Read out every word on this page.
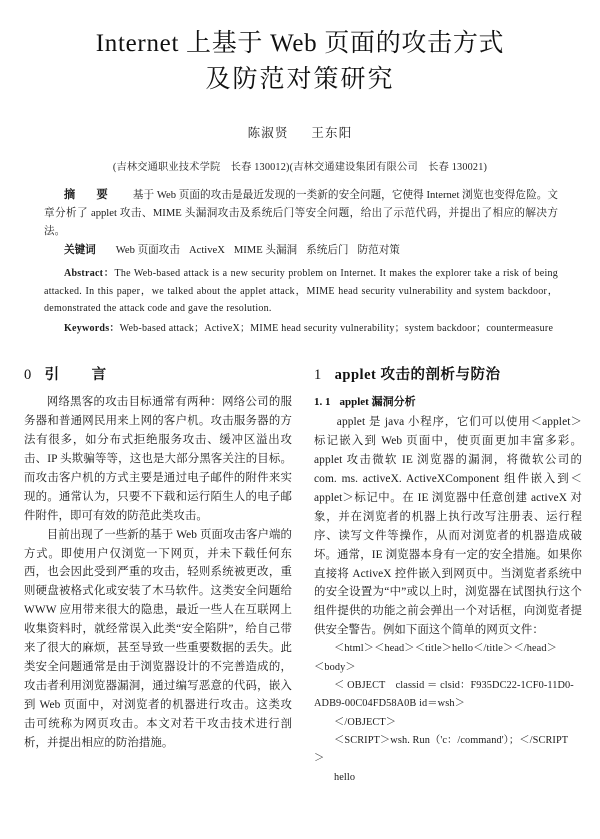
Internet 上基于 Web 页面的攻击方式
及防范对策研究
陈淑贤 王东阳
(吉林交通职业技术学院　长春 130012)(吉林交通建设集团有限公司　长春 130021)
摘　要 基于 Web 页面的攻击是最近发现的一类新的安全问题，它使得 Internet 浏览也变得危险。文章分析了 applet 攻击、MIME 头漏洞攻击及系统后门等安全问题，给出了示范代码，并提出了相应的解决方法。
关键词 Web 页面攻击 ActiveX MIME 头漏洞 系统后门 防范对策
Abstract：The Web-based attack is a new security problem on Internet. It makes the explorer take a risk of being attacked. In this paper，we talked about the applet attack，MIME head security vulnerability and system backdoor，demonstrated the attack code and gave the resolution.
Keywords：Web-based attack；ActiveX；MIME head security vulnerability；system backdoor；countermeasure
0 引　言

网络黑客的攻击目标通常有两种：网络公司的服务器和普通网民用来上网的客户机。攻击服务器的方法有很多，如分布式拒绝服务攻击、缓冲区溢出攻击、IP 头欺骗等等，这也是大部分黑客关注的目标。而攻击客户机的方式主要是通过电子邮件的附件来实现的。通常认为，只要不下载和运行陌生人的电子邮件附件，即可有效的防范此类攻击。

目前出现了一些新的基于 Web 页面攻击客户端的方式。即使用户仅浏览一下网页，并未下载任何东西，也会因此受到严重的攻击，轻则系统被更改，重则硬盘被格式化或安装了木马软件。这类安全问题给 WWW 应用带来很大的隐患，最近一些人在互联网上收集资料时，就经常误入此类“安全陷阱”，给自己带来了很大的麻烦，甚至导致一些重要数据的丢失。此类安全问题通常是由于浏览器设计的不完善造成的，攻击者利用浏览器漏洞，通过编写恶意的代码，嵌入到 Web 页面中，对浏览者的机器进行攻击。这类攻击可统称为网页攻击。本文对若干攻击技术进行剖析，并提出相应的防治措施。

1 applet 攻击的剖析与防治
1. 1 applet 漏洞分析

applet 是 java 小程序，它们可以使用＜applet＞标记嵌入到 Web 页面中，使页面更加丰富多彩。applet 攻击微软 IE 浏览器的漏洞，将微软公司的 com. ms. activeX. ActiveXComponent 组件嵌入到＜applet＞标记中。在 IE 浏览器中任意创建 activeX 对象，并在浏览者的机器上执行改写注册表、运行程序、读写文件等操作，从而对浏览者的机器造成破坏。通常，IE 浏览器本身有一定的安全措施。如果你直接将 ActiveX 控件嵌入到网页中。当浏览者系统中的安全设置为“中”或以上时，浏览器在试图执行这个组件提供的功能之前会弹出一个对话框，向浏览者提供安全警告。例如下面这个简单的网页文件：

＜html＞＜head＞＜title＞hello＜/title＞＜/head＞
＜body＞
＜ OBJECT　classid ＝ clsid：F935DC22-1CF0-11D0-
ADB9-00C04FD58A0B id＝wsh＞
＜/OBJECT＞
＜SCRIPT＞wsh. Run（'c：/command'）；＜/SCRIPT
＞
hello
